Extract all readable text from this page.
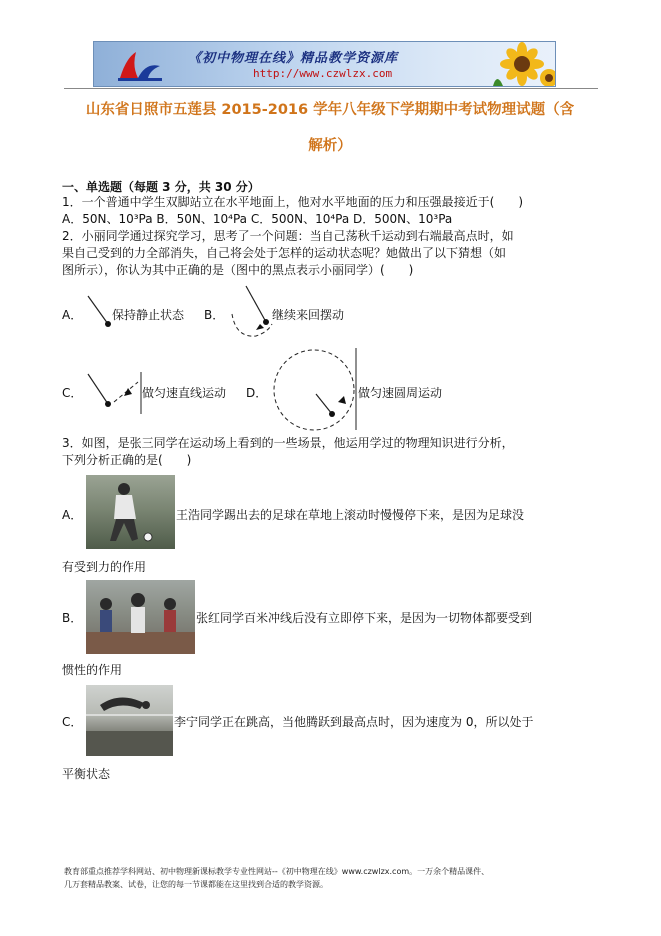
《初中物理在线》精品教学资源库
http://www.czwlzx.com
山东省日照市五莲县 2015-2016 学年八年级下学期期中考试物理试题（含
解析）
一、单选题（每题 3 分，共 30 分）
1．一个普通中学生双脚站立在水平地面上，他对水平地面的压力和压强最接近于(　　)
A．50N、10³Pa B．50N、10⁴Pa C．500N、10⁴Pa D．500N、10³Pa
2．小丽同学通过探究学习，思考了一个问题：当自己荡秋千运动到右端最高点时，如
果自己受到的力全部消失，自己将会处于怎样的运动状态呢？她做出了以下猜想（如
图所示），你认为其中正确的是（图中的黑点表示小丽同学）(　　)
A． 保持静止状态 B．	继续来回摆动
C．	做匀速直线运动 D．	做匀速圆周运动
3．如图，是张三同学在运动场上看到的一些场景，他运用学过的物理知识进行分析，
下列分析正确的是(　　)
A．	王浩同学踢出去的足球在草地上滚动时慢慢停下来，是因为足球没
有受到力的作用
B．	张红同学百米冲线后没有立即停下来，是因为一切物体都要受到
惯性的作用
C．	李宁同学正在跳高，当他腾跃到最高点时，因为速度为 0，所以处于
平衡状态
教育部重点推荐学科网站、初中物理新课标教学专业性网站--《初中物理在线》www.czwlzx.com。一万余个精品课件、
几万套精品教案、试卷，让您的每一节课都能在这里找到合适的教学资源。
